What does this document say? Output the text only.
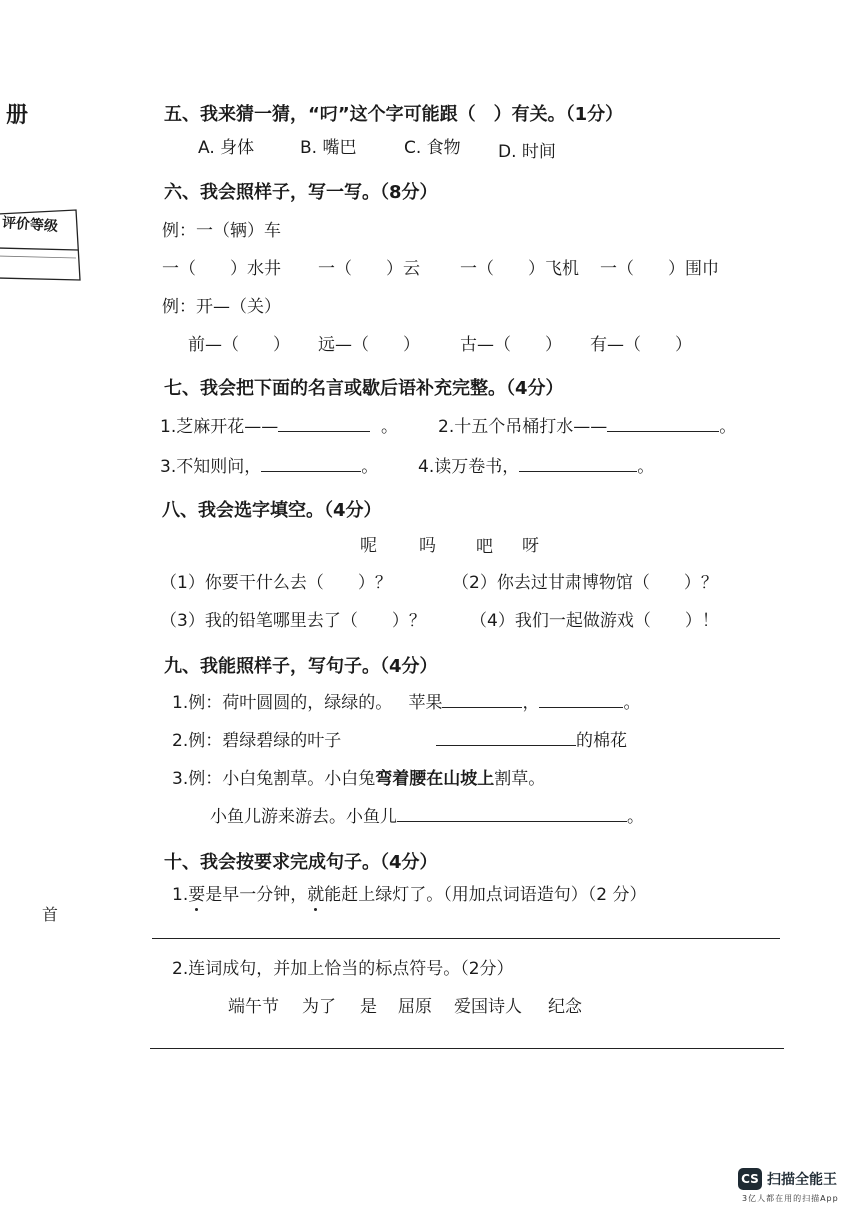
册
评价等级
首
五、我来猜一猜，“叼”这个字可能跟（　）有关。（1分）
A. 身体	B. 嘴巴	C. 食物 D. 时间
六、我会照样子，写一写。（8分）
例：一（辆）车
一（　　）水井 一（　　）云 一（　　）飞机 一（　　）围巾
例：开—（关）
前—（　　） 远—（　　） 古—（　　） 有—（　　）
七、我会把下面的名言或歇后语补充完整。（4分）
1.芝麻开花——	。 2.十五个吊桶打水——	。
3.不知则问，	。 4.读万卷书，	。
八、我会选字填空。（4分）
呢 吗 吧 呀
（1）你要干什么去（　　）？	（2）你去过甘肃博物馆（　　）？
（3）我的铅笔哪里去了（　　）？	（4）我们一起做游戏（　　）！
九、我能照样子，写句子。（4分）
1.例：荷叶圆圆的，绿绿的。 苹果	，	。
2.例：碧绿碧绿的叶子	的棉花
3.例：小白兔割草。小白兔弯着腰在山坡上割草。
小鱼儿游来游去。小鱼儿	。
十、我会按要求完成句子。（4分）
1.要是早一分钟，就能赶上绿灯了。（用加点词语造句）（2 分）
2.连词成句，并加上恰当的标点符号。（2分）
端午节 为了 是 屈原 爱国诗人 纪念
CS 扫描全能王
3亿人都在用的扫描App
